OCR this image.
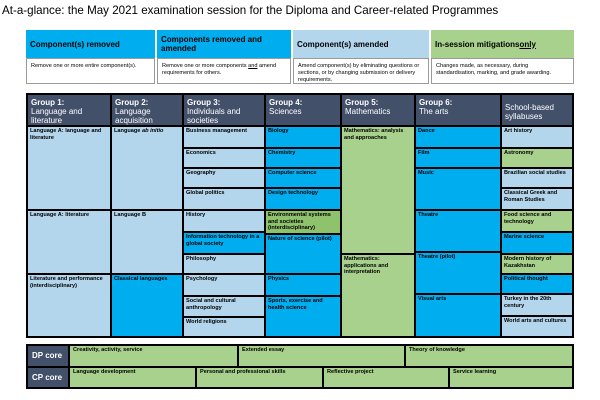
At-a-glance: the May 2021 examination session for the Diploma and Career-related Programmes
Component(s) removed
Remove one or more entire component(s).
Components removed and amended
Remove one or more components and amend requirements for others.
Component(s) amended
Amend component(s) by eliminating questions or sections, or by changing submission or delivery requirements.
In-session mitigations only
Changes made, as necessary, during standardisation, marking, and grade awarding.
Group 1:
Language and literature
Language A: language and literature
Language A: literature
Literature and performance (interdisciplinary)
Group 2:
Language acquisition
Language ab initio
Language B
Classical languages
Group 3:
Individuals and societies
Business management
Economics
Geography
Global politics
History
Information technology in a global society
Philosophy
Psychology
Social and cultural anthropology
World religions
Group 4:
Sciences
Biology
Chemistry
Computer science
Design technology
Environmental systems and societies (interdisciplinary)
Nature of science (pilot)
Physics
Sports, exercise and health science
Group 5:
Mathematics
Mathematics: analysis and approaches
Mathematics: applications and interpretation
Group 6:
The arts
Dance
Film
Music
Theatre
Theatre (pilot)
Visual arts
School-based syllabuses
Art history
Astronomy
Brazilian social studies
Classical Greek and Roman Studies
Food science and technology
Marine science
Modern history of Kazakhstan
Political thought
Turkey in the 20th century
World arts and cultures
DP core
Creativity, activity, service	Extended essay	Theory of knowledge
CP core
Language development	Personal and professional skills	Reflective project	Service learning
